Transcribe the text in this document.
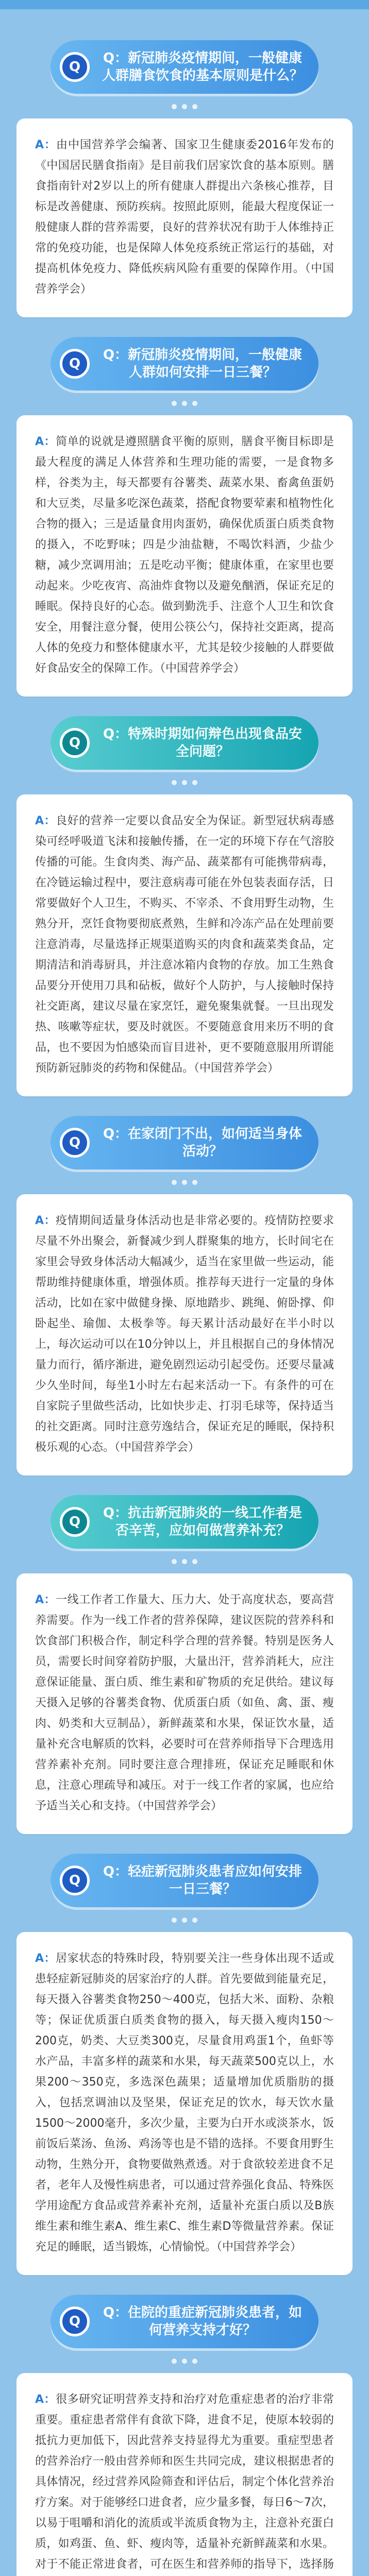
Q
Q：新冠肺炎疫情期间，一般健康人群膳食饮食的基本原则是什么？
A：由中国营养学会编著、国家卫生健康委2016年发布的《中国居民膳食指南》是目前我们居家饮食的基本原则。膳食指南针对2岁以上的所有健康人群提出六条核心推荐，目标是改善健康、预防疾病。按照此原则，能最大程度保证一般健康人群的营养需要，良好的营养状况有助于人体维持正常的免疫功能，也是保障人体免疫系统正常运行的基础，对提高机体免疫力、降低疾病风险有重要的保障作用。（中国营养学会）
Q
Q：新冠肺炎疫情期间，一般健康人群如何安排一日三餐？
A：简单的说就是遵照膳食平衡的原则，膳食平衡目标即是最大程度的满足人体营养和生理功能的需要，一是食物多样，谷类为主，每天都要有谷薯类、蔬菜水果、畜禽鱼蛋奶和大豆类，尽量多吃深色蔬菜，搭配食物要荤素和植物性化合物的摄入；三是适量食用肉蛋奶，确保优质蛋白质类食物的摄入，不吃野味；四是少油盐糖，不喝饮料酒，少盐少糖，减少烹调用油；五是吃动平衡；健康体重，在家里也要动起来。少吃夜宵、高油炸食物以及避免酗酒，保证充足的睡眠。保持良好的心态。做到勤洗手、注意个人卫生和饮食安全，用餐注意分餐，使用公筷公勺，保持社交距离，提高人体的免疫力和整体健康水平，尤其是较少接触的人群要做好食品安全的保障工作。（中国营养学会）
Q
Q：特殊时期如何辩色出现食品安全问题？
A：良好的营养一定要以食品安全为保证。新型冠状病毒感染可经呼吸道飞沫和接触传播，在一定的环境下存在气溶胶传播的可能。生食肉类、海产品、蔬菜都有可能携带病毒，在冷链运输过程中，要注意病毒可能在外包装表面存活，日常要做好个人卫生，不购买、不宰杀、不食用野生动物，生熟分开，烹饪食物要彻底煮熟，生鲜和冷冻产品在处理前要注意消毒，尽量选择正规渠道购买的肉食和蔬菜类食品，定期清洁和消毒厨具，并注意冰箱内食物的存放。加工生熟食品要分开使用刀具和砧板，做好个人防护，与人接触时保持社交距离，建议尽量在家烹饪，避免聚集就餐。一旦出现发热、咳嗽等症状，要及时就医。不要随意食用来历不明的食品，也不要因为怕感染而盲目进补，更不要随意服用所谓能预防新冠肺炎的药物和保健品。（中国营养学会）
Q
Q：在家闭门不出，如何适当身体活动？
A：疫情期间适量身体活动也是非常必要的。疫情防控要求尽量不外出聚会，新餐减少到人群聚集的地方，长时间宅在家里会导致身体活动大幅减少，适当在家里做一些运动，能帮助维持健康体重，增强体质。推荐每天进行一定量的身体活动，比如在家中做健身操、原地踏步、跳绳、俯卧撑、仰卧起坐、瑜伽、太极拳等。每天累计活动最好在半小时以上，每次运动可以在10分钟以上，并且根据自己的身体情况量力而行，循序渐进，避免剧烈运动引起受伤。还要尽量减少久坐时间，每坐1小时左右起来活动一下。有条件的可在自家院子里做些活动，比如快步走、打羽毛球等，保持适当的社交距离。同时注意劳逸结合，保证充足的睡眠，保持积极乐观的心态。（中国营养学会）
Q
Q：抗击新冠肺炎的一线工作者是否辛苦，应如何做营养补充？
A：一线工作者工作量大、压力大、处于高度状态，要高营养需要。作为一线工作者的营养保障，建议医院的营养科和饮食部门积极合作，制定科学合理的营养餐。特别是医务人员，需要长时间穿着防护服，大量出汗，营养消耗大，应注意保证能量、蛋白质、维生素和矿物质的充足供给。建议每天摄入足够的谷薯类食物、优质蛋白质（如鱼、禽、蛋、瘦肉、奶类和大豆制品），新鲜蔬菜和水果，保证饮水量，适量补充含电解质的饮料，必要时可在营养师指导下合理选用营养素补充剂。同时要注意合理排班，保证充足睡眠和休息，注意心理疏导和减压。对于一线工作者的家属，也应给予适当关心和支持。（中国营养学会）
Q
Q：轻症新冠肺炎患者应如何安排一日三餐？
A：居家状态的特殊时段，特别要关注一些身体出现不适或患轻症新冠肺炎的居家治疗的人群。首先要做到能量充足，每天摄入谷薯类食物250～400克，包括大米、面粉、杂粮等；保证优质蛋白质类食物的摄入，每天摄入瘦肉150～200克，奶类、大豆类300克，尽量食用鸡蛋1个，鱼虾等水产品，丰富多样的蔬菜和水果，每天蔬菜500克以上，水果200～350克，多选深色蔬果；适量增加优质脂肪的摄入，包括烹调油以及坚果，保证充足的饮水，每天饮水量1500～2000毫升，多次少量，主要为白开水或淡茶水，饭前饭后菜汤、鱼汤、鸡汤等也是不错的选择。不要食用野生动物，生熟分开，食物要做熟煮透。对于食欲较差进食不足者，老年人及慢性病患者，可以通过营养强化食品、特殊医学用途配方食品或营养素补充剂，适量补充蛋白质以及B族维生素和维生素A、维生素C、维生素D等微量营养素。保证充足的睡眠，适当锻炼，心情愉悦。（中国营养学会）
Q
Q：住院的重症新冠肺炎患者，如何营养支持才好？
A：很多研究证明营养支持和治疗对危重症患者的治疗非常重要。重症患者常伴有食欲下降，进食不足，使原本较弱的抵抗力更加低下，因此营养支持显得尤为重要。重症型患者的营养治疗一般由营养师和医生共同完成，建议根据患者的具体情况，经过营养风险筛查和评估后，制定个体化营养治疗方案。对于能够经口进食者，应少量多餐，每日6～7次，以易于咀嚼和消化的流质或半流质食物为主，注意补充蛋白质，如鸡蛋、鱼、虾、瘦肉等，适量补充新鲜蔬菜和水果。对于不能正常进食者，可在医生和营养师的指导下，选择肠
